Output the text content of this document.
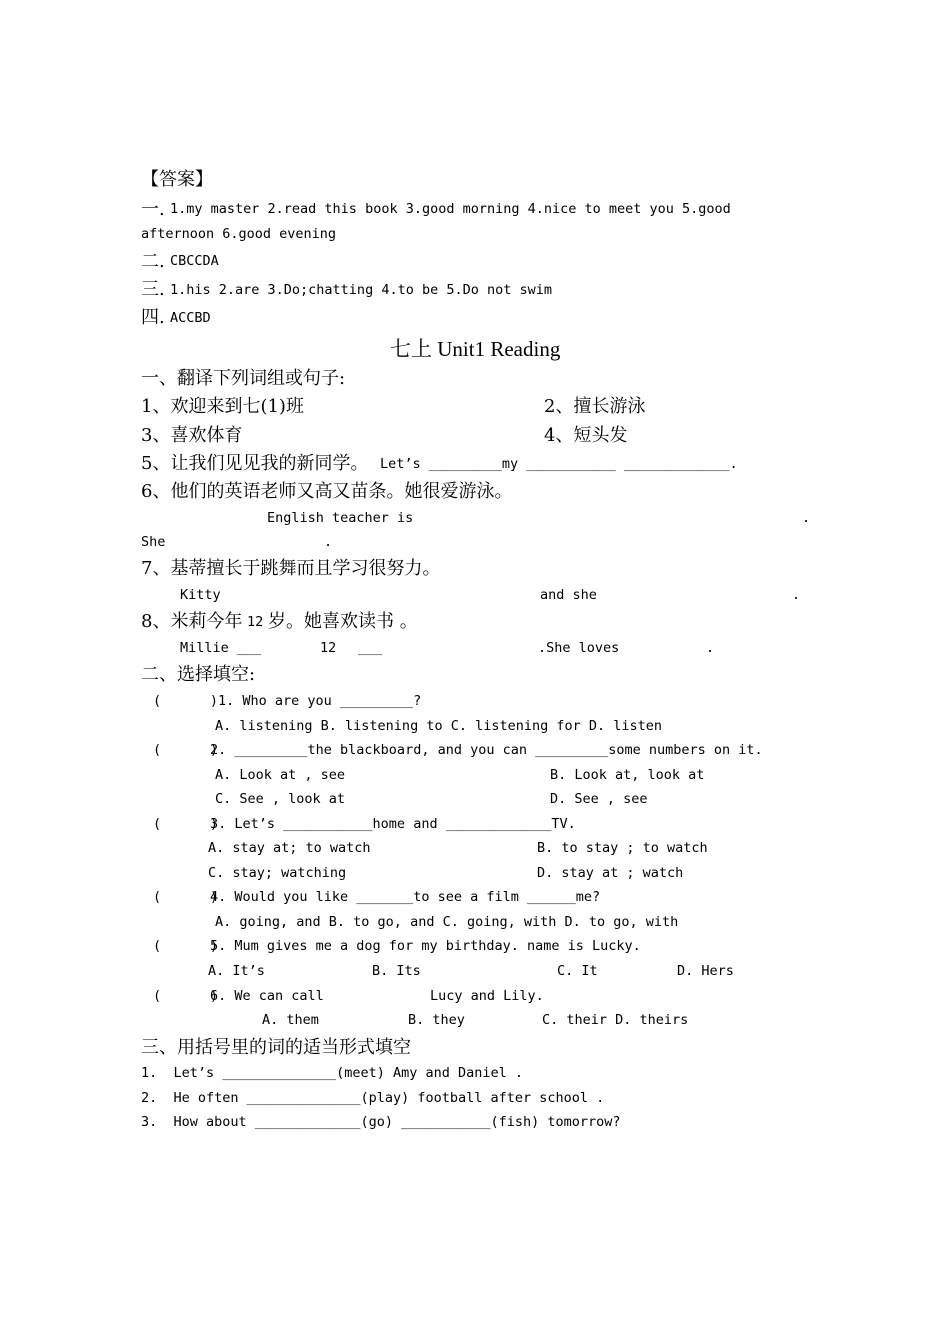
【答案】
一. 1.my master 2.read this book 3.good morning 4.nice to meet you 5.good
afternoon 6.good evening
二. CBCCDA
三. 1.his 2.are 3.Do;chatting 4.to be 5.Do not swim
四. ACCBD
七上 Unit1 Reading
一、翻译下列词组或句子:
1、欢迎来到七(1)班	2、擅长游泳
3、喜欢体育	4、短头发
5、让我们见见我的新同学。 Let’s _________my ___________ _____________.
6、他们的英语老师又高又苗条。她很爱游泳。
English teacher is	.
She	.
7、基蒂擅长于跳舞而且学习很努力。
Kitty	and she	.
8、米莉今年 12 岁。她喜欢读书 。
Millie ___	12 ___	.She loves	.
二、选择填空:
(      ) 1. Who are you _________?
A. listening B. listening to C. listening for D. listen
(      )
2. _________the blackboard, and you can _________some numbers on it.
A. Look at , see	B. Look at, look at
C. See , look at	D. See , see
(      )
3. Let’s ___________home and _____________TV.
A. stay at; to watch	B. to stay ; to watch
C. stay; watching	D. stay at ; watch
(      )
4. Would you like _______to see a film ______me?
A. going, and B. to go, and C. going, with D. to go, with
(      )
5. Mum gives me a dog for my birthday. name is Lucky.
A. It’s	B. Its	C. It	D. Hers
(      )
6. We can call	Lucy and Lily.
A. them	B. they	C. their D. theirs
三、用括号里的词的适当形式填空
1.  Let’s ______________(meet) Amy and Daniel .
2.  He often ______________(play) football after school .
3.  How about _____________(go) ___________(fish) tomorrow?
